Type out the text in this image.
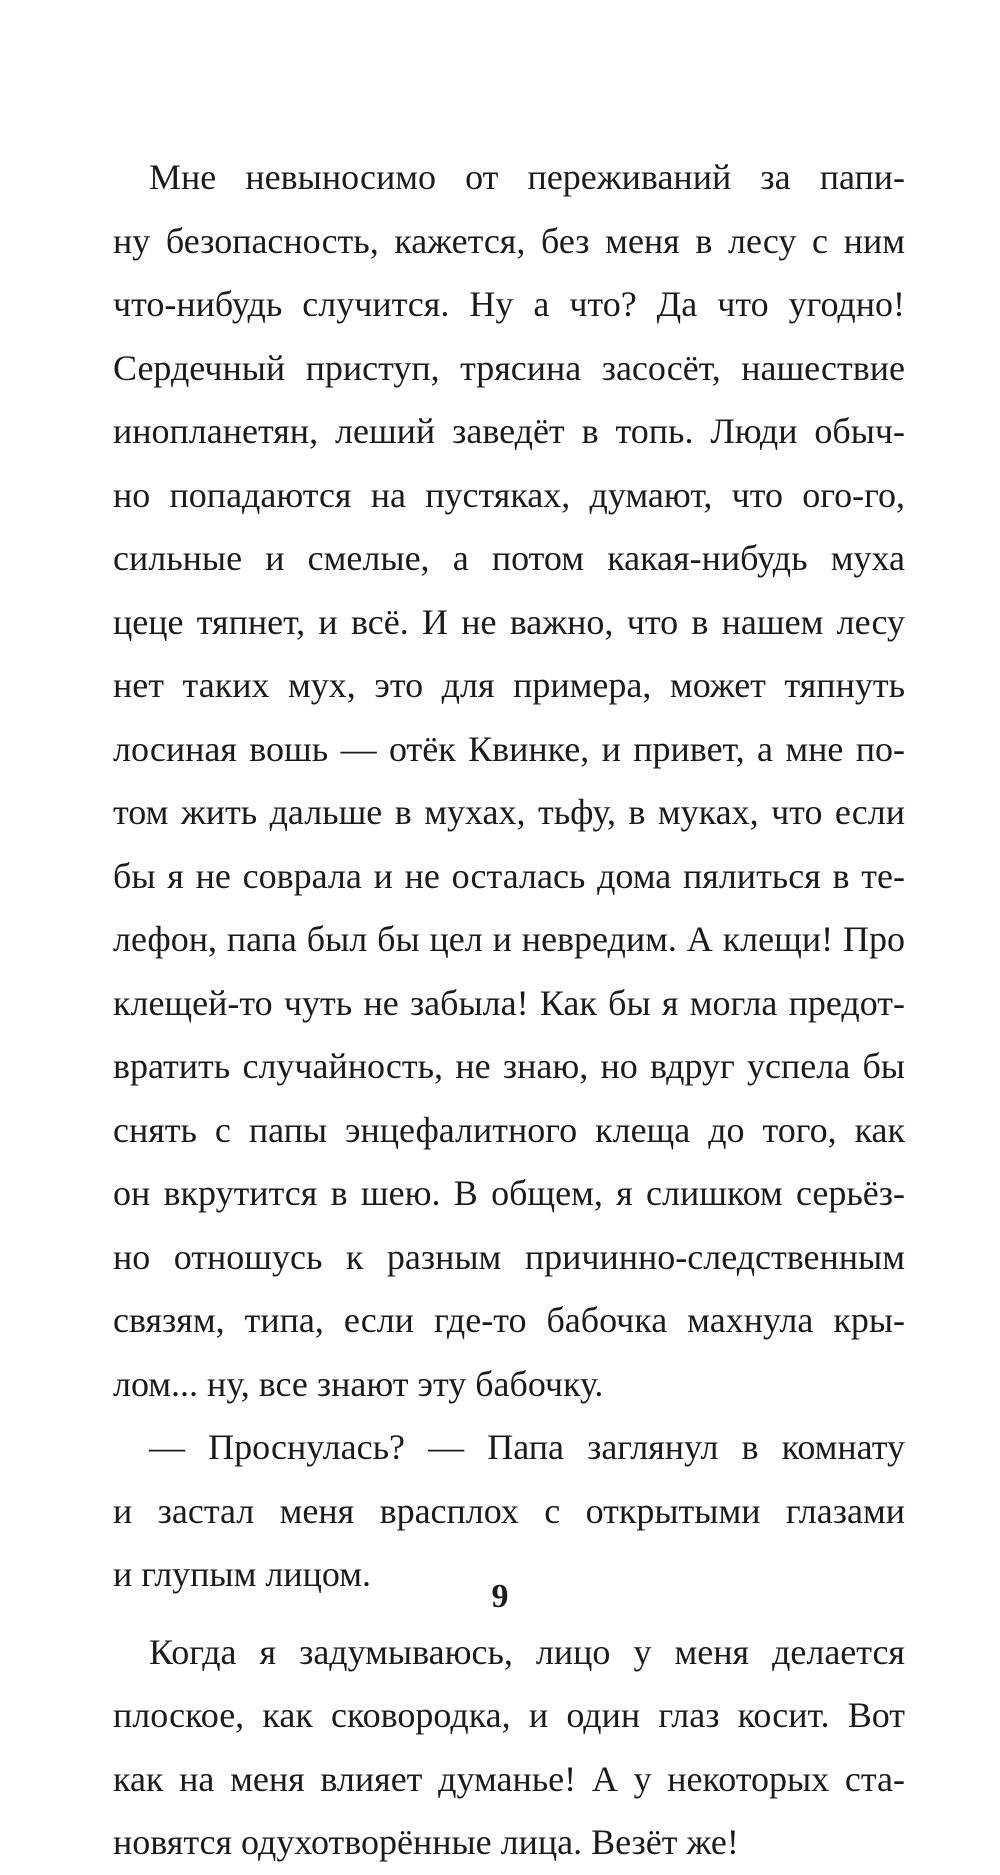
Мне невыносимо от переживаний за папи-
ну безопасность, кажется, без меня в лесу с ним
что-нибудь случится. Ну а что? Да что угодно!
Сердечный приступ, трясина засосёт, нашествие
инопланетян, леший заведёт в топь. Люди обыч-
но попадаются на пустяках, думают, что ого-го,
сильные и смелые, а потом какая-нибудь муха
цеце тяпнет, и всё. И не важно, что в нашем лесу
нет таких мух, это для примера, может тяпнуть
лосиная вошь — отёк Квинке, и привет, а мне по-
том жить дальше в мухах, тьфу, в муках, что если
бы я не соврала и не осталась дома пялиться в те-
лефон, папа был бы цел и невредим. А клещи! Про
клещей-то чуть не забыла! Как бы я могла предот-
вратить случайность, не знаю, но вдруг успела бы
снять с папы энцефалитного клеща до того, как
он вкрутится в шею. В общем, я слишком серьёз-
но отношусь к разным причинно-следственным
связям, типа, если где-то бабочка махнула кры-
лом... ну, все знают эту бабочку.
— Проснулась? — Папа заглянул в комнату
и застал меня врасплох с открытыми глазами
и глупым лицом.
Когда я задумываюсь, лицо у меня делается
плоское, как сковородка, и один глаз косит. Вот
как на меня влияет думанье! А у некоторых ста-
новятся одухотворённые лица. Везёт же!
9
